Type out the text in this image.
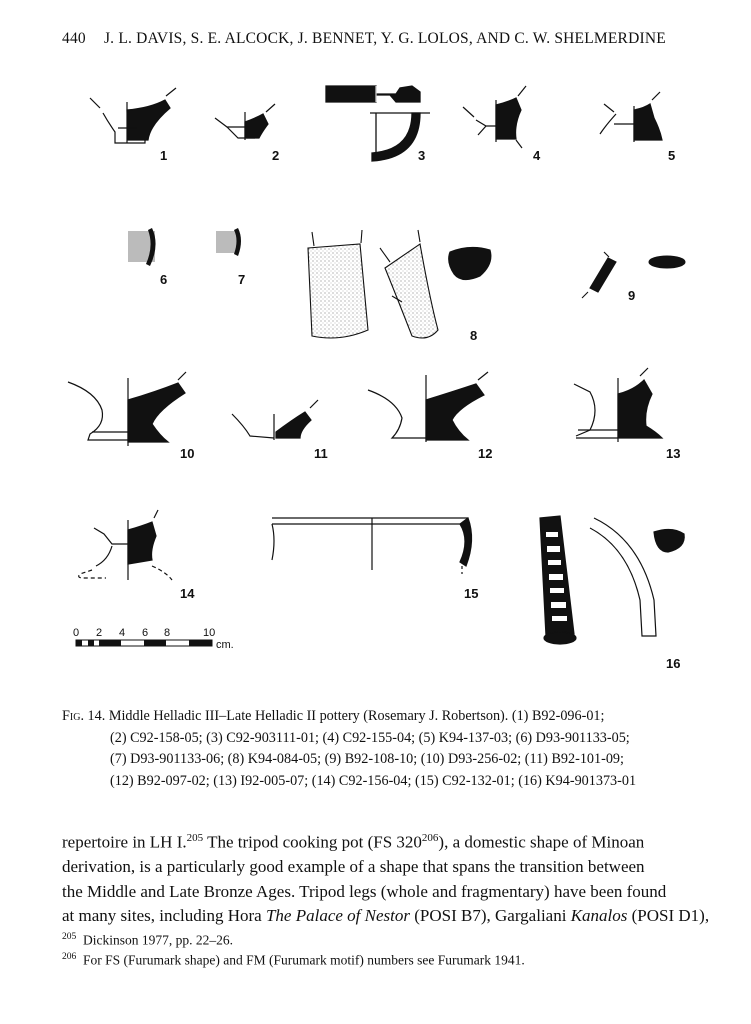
440 J. L. DAVIS, S. E. ALCOCK, J. BENNET, Y. G. LOLOS, AND C. W. SHELMERDINE
1	2	3	4	5
6	7
8
9
10	11	12	13
14	15
16
0 2 4 6 8	10
cm.
Fig. 14. Middle Helladic III–Late Helladic II pottery (Rosemary J. Robertson). (1) B92-096-01;
(2) C92-158-05; (3) C92-903111-01; (4) C92-155-04; (5) K94-137-03; (6) D93-901133-05;
(7) D93-901133-06; (8) K94-084-05; (9) B92-108-10; (10) D93-256-02; (11) B92-101-09;
(12) B92-097-02; (13) I92-005-07; (14) C92-156-04; (15) C92-132-01; (16) K94-901373-01
repertoire in LH I.$^{205}$ The tripod cooking pot (FS $320^{206}$), a domestic shape of Minoan
derivation, is a particularly good example of a shape that spans the transition between
the Middle and Late Bronze Ages. Tripod legs (whole and fragmentary) have been found
at many sites, including Hora The Palace of Nestor (POSI B7), Gargaliani Kanalos (POSI D1),
$^{205}$ Dickinson 1977, pp. 22–26.
$^{206}$ For FS (Furumark shape) and FM (Furumark motif) numbers see Furumark 1941.
